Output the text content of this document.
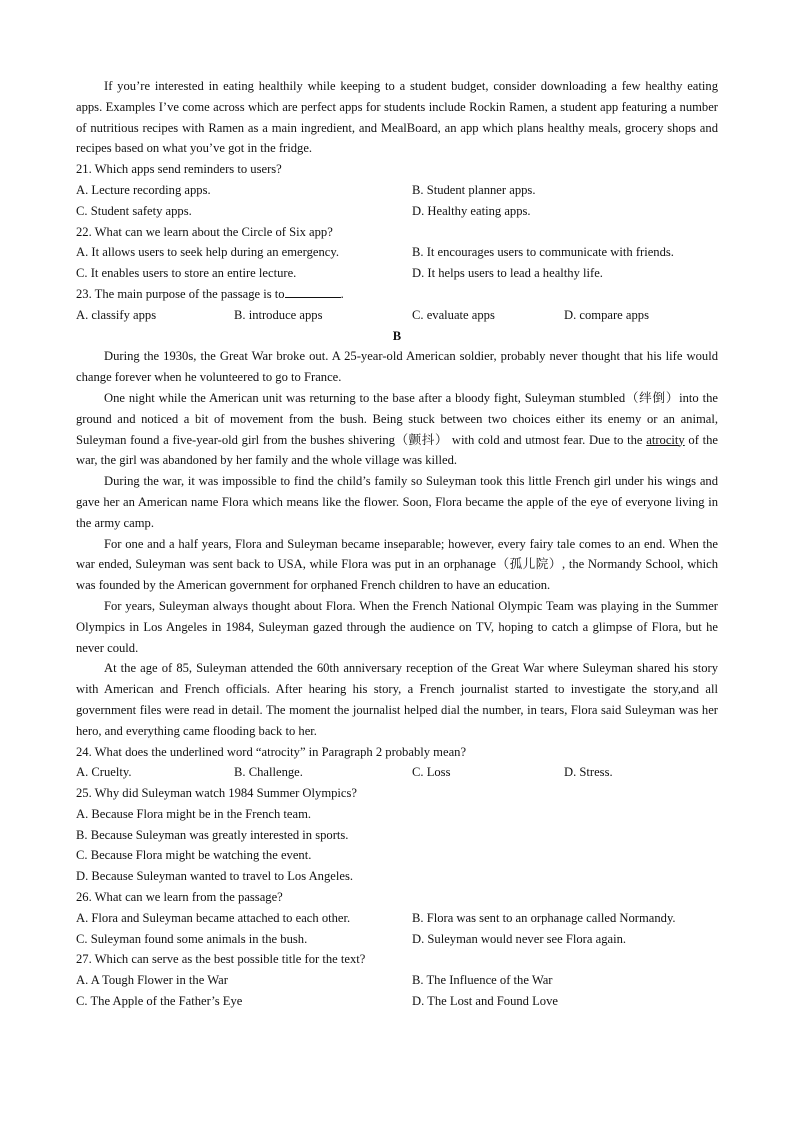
If you’re interested in eating healthily while keeping to a student budget, consider downloading a few healthy eating apps. Examples I’ve come across which are perfect apps for students include Rockin Ramen, a student app featuring a number of nutritious recipes with Ramen as a main ingredient, and MealBoard, an app which plans healthy meals, grocery shops and recipes based on what you’ve got in the fridge.

21. Which apps send reminders to users?

A. Lecture recording apps.	B. Student planner apps.
C. Student safety apps.	D. Healthy eating apps.

22. What can we learn about the Circle of Six app?

A. It allows users to seek help during an emergency.	B. It encourages users to communicate with friends.
C. It enables users to store an entire lecture.	D. It helps users to lead a healthy life.

23. The main purpose of the passage is to	.

A. classify apps	B. introduce apps	C. evaluate apps	D. compare apps

B

During the 1930s, the Great War broke out. A 25-year-old American soldier, probably never thought that his life would change forever when he volunteered to go to France.

One night while the American unit was returning to the base after a bloody fight, Suleyman stumbled（绊倒）into the ground and noticed a bit of movement from the bush. Being stuck between two choices either its enemy or an animal, Suleyman found a five-year-old girl from the bushes shivering（颤抖） with cold and utmost fear. Due to the atrocity of the war, the girl was abandoned by her family and the whole village was killed.

During the war, it was impossible to find the child’s family so Suleyman took this little French girl under his wings and gave her an American name Flora which means like the flower. Soon, Flora became the apple of the eye of everyone living in the army camp.

For one and a half years, Flora and Suleyman became inseparable; however, every fairy tale comes to an end. When the war ended, Suleyman was sent back to USA, while Flora was put in an orphanage（孤儿院）, the Normandy School, which was founded by the American government for orphaned French children to have an education.

For years, Suleyman always thought about Flora. When the French National Olympic Team was playing in the Summer Olympics in Los Angeles in 1984, Suleyman gazed through the audience on TV, hoping to catch a glimpse of Flora, but he never could.

At the age of 85, Suleyman attended the 60th anniversary reception of the Great War where Suleyman shared his story with American and French officials. After hearing his story, a French journalist started to investigate the story,and all government files were read in detail. The moment the journalist helped dial the number, in tears, Flora said Suleyman was her hero, and everything came flooding back to her.

24. What does the underlined word “atrocity” in Paragraph 2 probably mean?

A. Cruelty.	B. Challenge.	C. Loss	D. Stress.

25. Why did Suleyman watch 1984 Summer Olympics?

A. Because Flora might be in the French team.

B. Because Suleyman was greatly interested in sports.

C. Because Flora might be watching the event.

D. Because Suleyman wanted to travel to Los Angeles.

26. What can we learn from the passage?

A. Flora and Suleyman became attached to each other.	B. Flora was sent to an orphanage called Normandy.
C. Suleyman found some animals in the bush.	D. Suleyman would never see Flora again.

27. Which can serve as the best possible title for the text?

A. A Tough Flower in the War	B. The Influence of the War
C. The Apple of the Father’s Eye	D. The Lost and Found Love
